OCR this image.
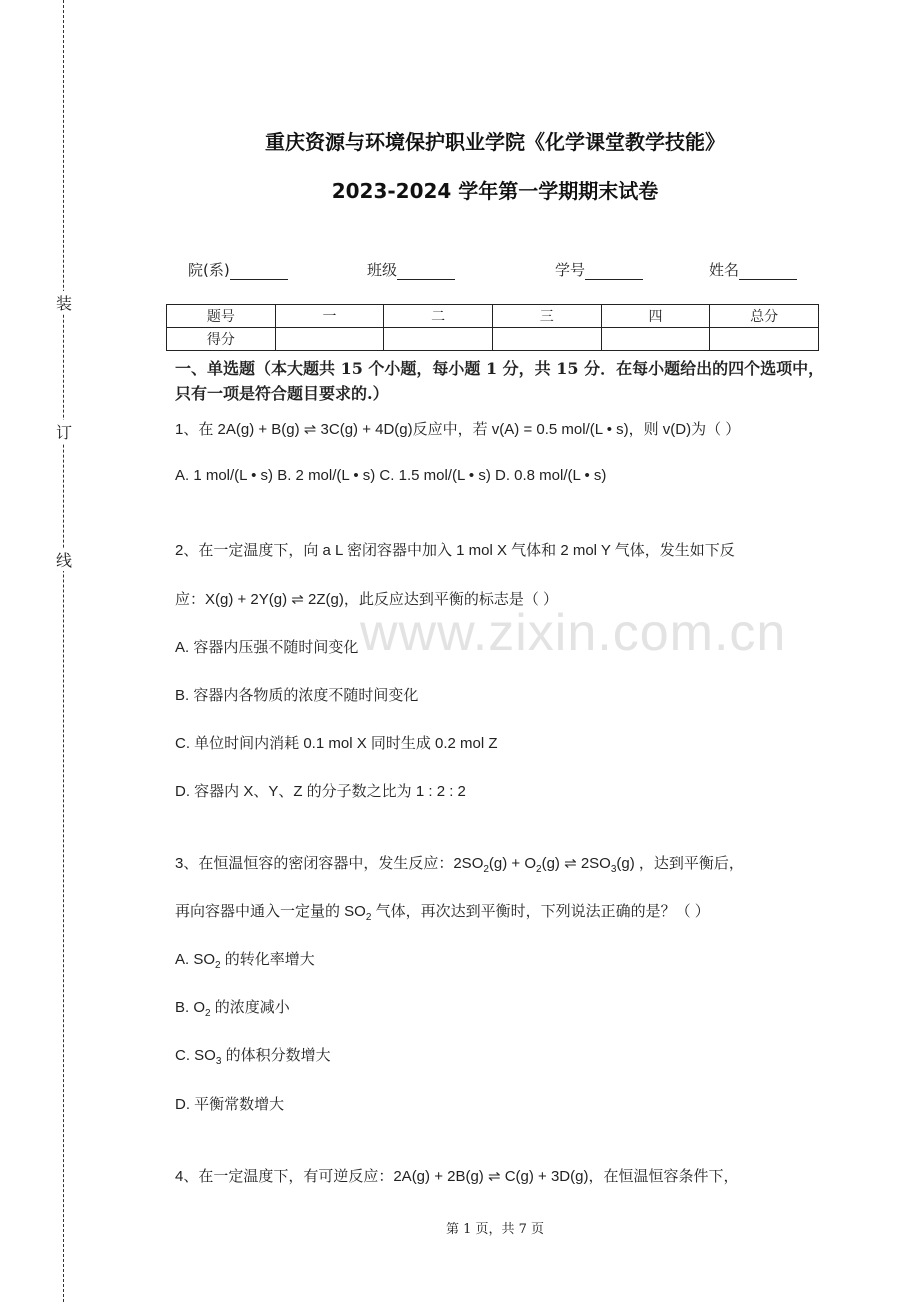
装
订
线
重庆资源与环境保护职业学院《化学课堂教学技能》
2023-2024 学年第一学期期末试卷
院(系)	班级	学号	姓名
题号	一	二	三	四	总分
得分					
一、单选题（本大题共 15 个小题，每小题 1 分，共 15 分．在每小题给出的四个选项中，只有一项是符合题目要求的.）
1、在 2A(g) + B(g) ⇌ 3C(g) + 4D(g)反应中，若 v(A) = 0.5 mol/(L • s)，则 v(D)为（ ）
A. 1 mol/(L • s) B. 2 mol/(L • s) C. 1.5 mol/(L • s) D. 0.8 mol/(L • s)
2、在一定温度下，向 a L 密闭容器中加入 1 mol X 气体和 2 mol Y 气体，发生如下反
应：X(g) + 2Y(g) ⇌ 2Z(g)，此反应达到平衡的标志是（ ）
A. 容器内压强不随时间变化
B. 容器内各物质的浓度不随时间变化
C. 单位时间内消耗 0.1 mol X 同时生成 0.2 mol Z
D. 容器内 X、Y、Z 的分子数之比为 1 : 2 : 2
3、在恒温恒容的密闭容器中，发生反应：$2SO_2(g) + O_2(g)$ ⇌ $2SO_3(g)$ ，达到平衡后，
再向容器中通入一定量的 $SO_2$ 气体，再次达到平衡时，下列说法正确的是？（ ）
A. $SO_2$ 的转化率增大
B. $O_2$ 的浓度减小
C. $SO_3$ 的体积分数增大
D. 平衡常数增大
4、在一定温度下，有可逆反应：2A(g) + 2B(g) ⇌ C(g) + 3D(g)，在恒温恒容条件下，
www.zixin.com.cn
第 1 页，共 7 页
